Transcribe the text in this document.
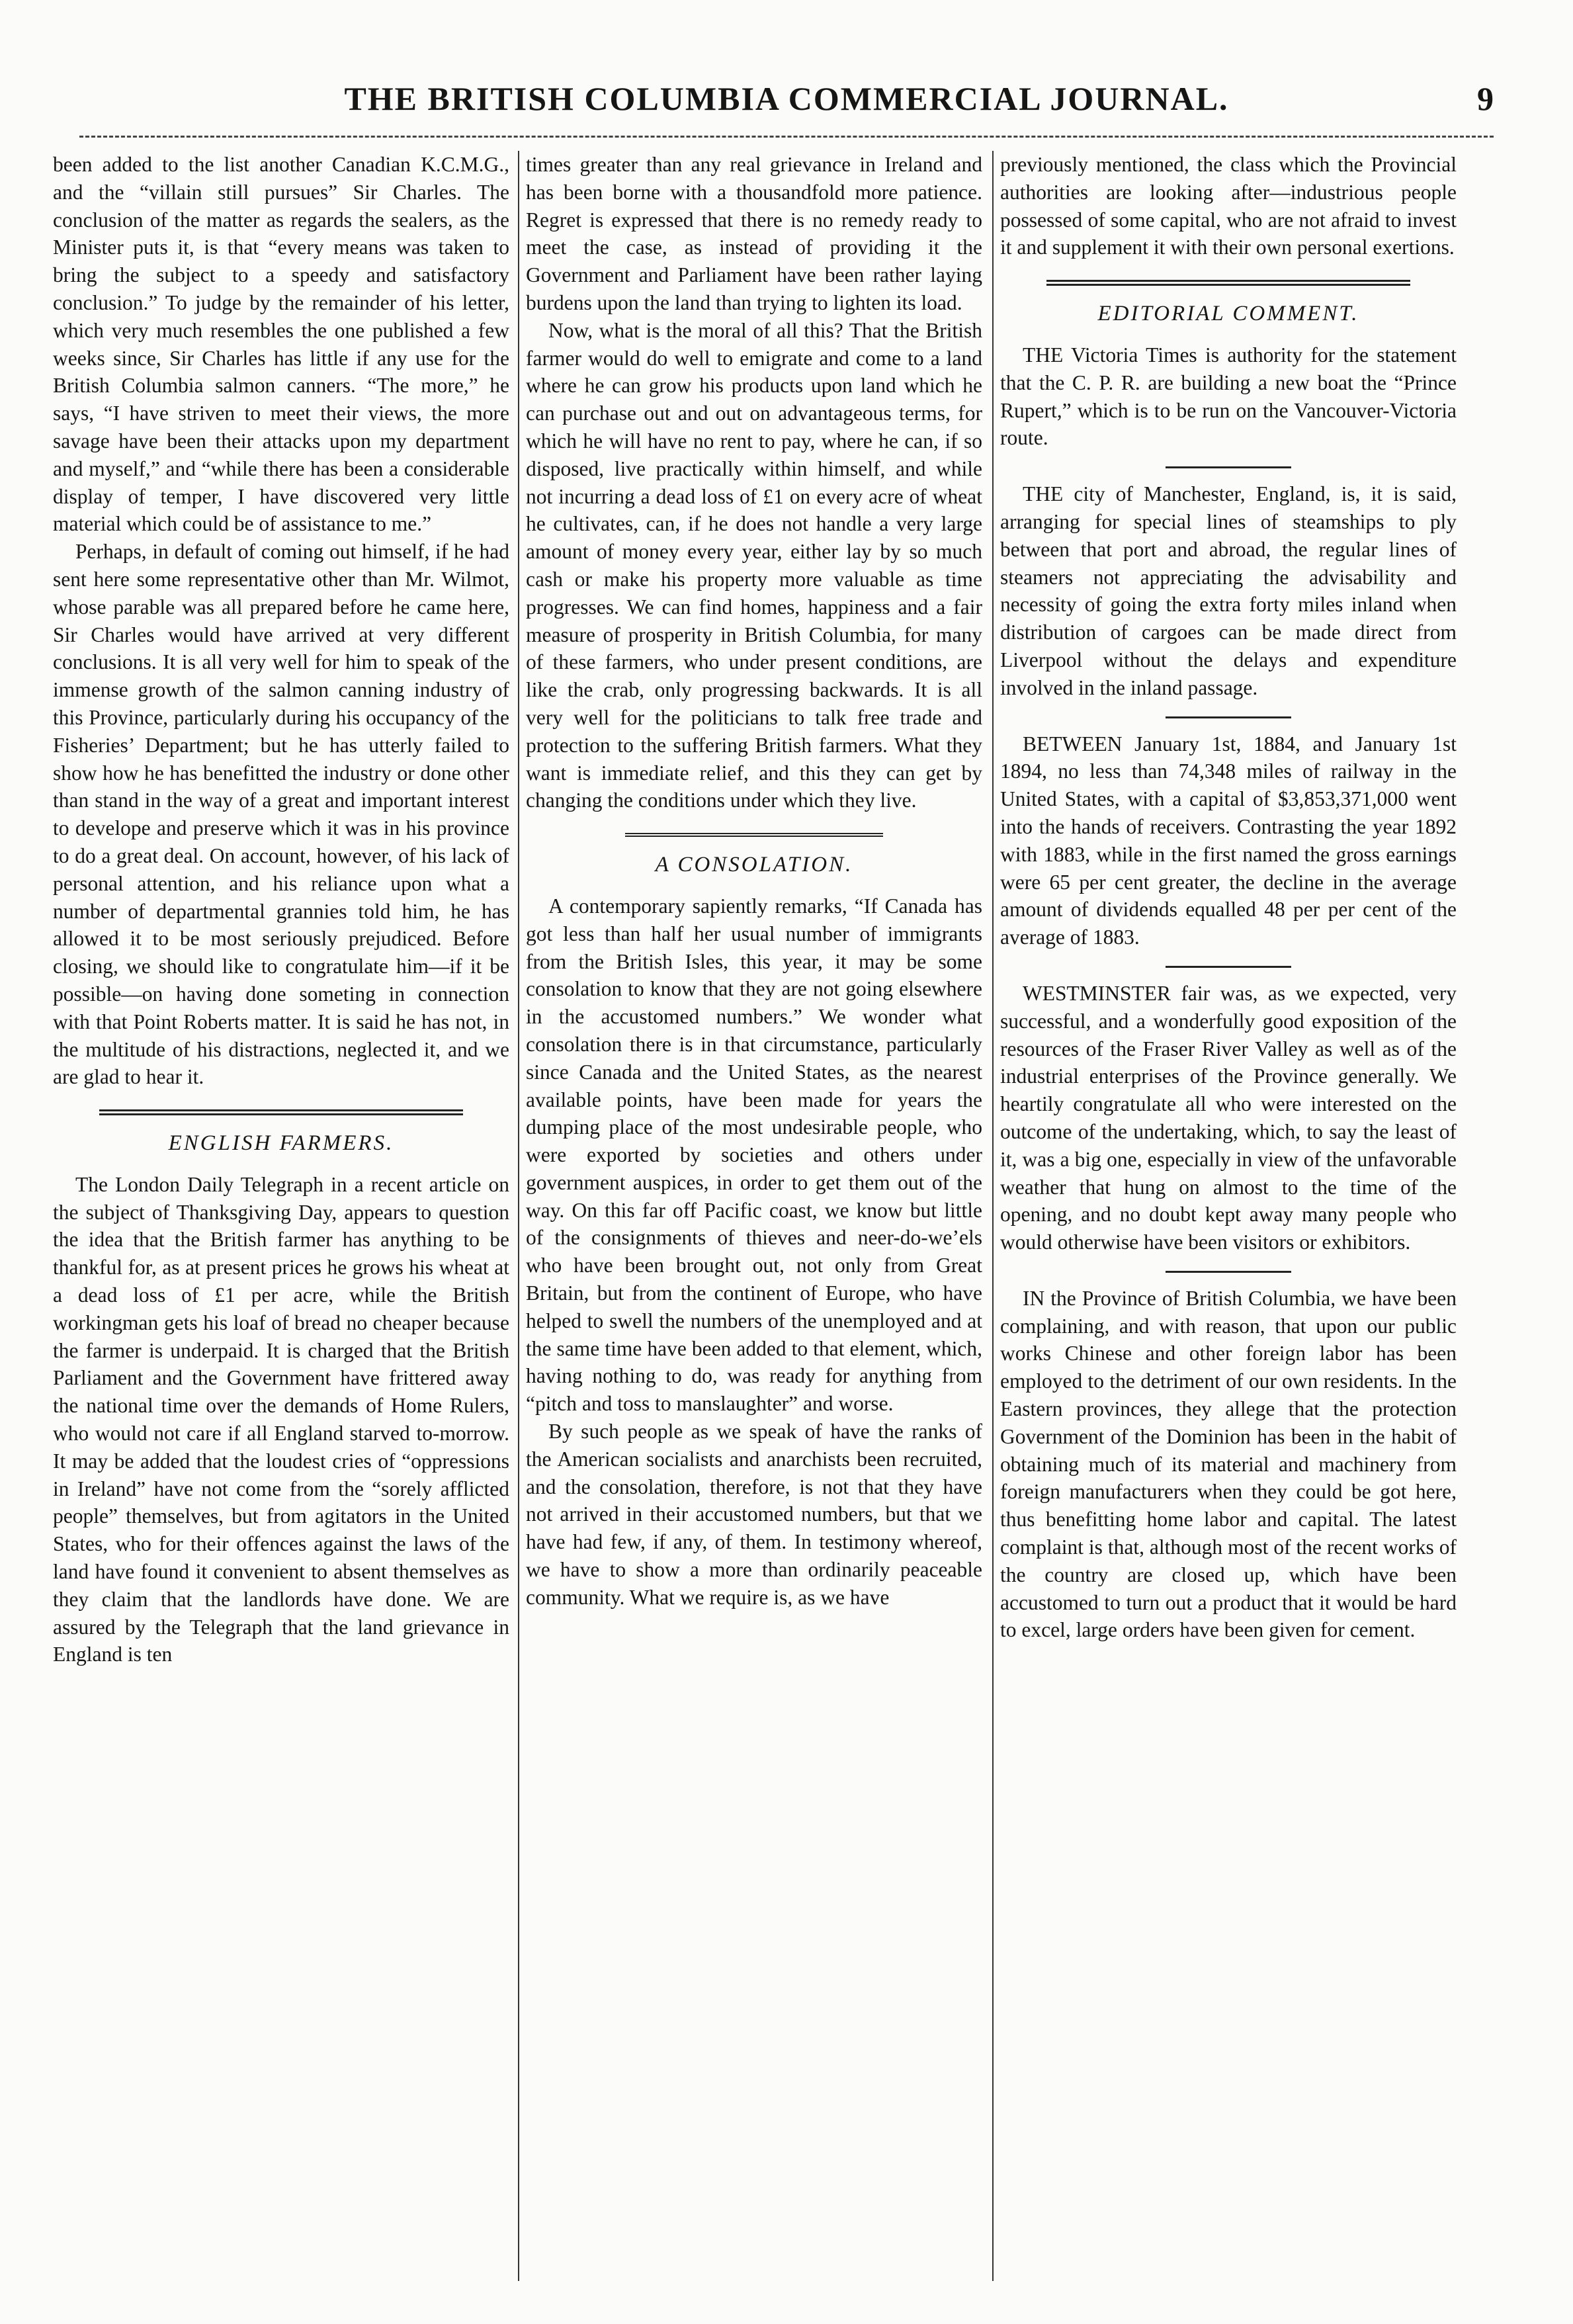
THE BRITISH COLUMBIA COMMERCIAL JOURNAL.	9

been added to the list another Canadian K.C.M.G., and the “villain still pursues” Sir Charles. The conclusion of the matter as regards the sealers, as the Minister puts it, is that “every means was taken to bring the subject to a speedy and satisfactory conclusion.” To judge by the remainder of his letter, which very much resembles the one published a few weeks since, Sir Charles has little if any use for the British Columbia salmon canners. “The more,” he says, “I have striven to meet their views, the more savage have been their attacks upon my department and myself,” and “while there has been a considerable display of temper, I have discovered very little material which could be of assistance to me.”

Perhaps, in default of coming out himself, if he had sent here some representative other than Mr. Wilmot, whose parable was all prepared before he came here, Sir Charles would have arrived at very different conclusions. It is all very well for him to speak of the immense growth of the salmon canning industry of this Province, particularly during his occupancy of the Fisheries’ Department; but he has utterly failed to show how he has benefitted the industry or done other than stand in the way of a great and important interest to develope and preserve which it was in his province to do a great deal. On account, however, of his lack of personal attention, and his reliance upon what a number of departmental grannies told him, he has allowed it to be most seriously prejudiced. Before closing, we should like to congratulate him—if it be possible—on having done someting in connection with that Point Roberts matter. It is said he has not, in the multitude of his distractions, neglected it, and we are glad to hear it.

ENGLISH FARMERS.

The London Daily Telegraph in a recent article on the subject of Thanksgiving Day, appears to question the idea that the British farmer has anything to be thankful for, as at present prices he grows his wheat at a dead loss of £1 per acre, while the British workingman gets his loaf of bread no cheaper because the farmer is underpaid. It is charged that the British Parliament and the Government have frittered away the national time over the demands of Home Rulers, who would not care if all England starved to-morrow. It may be added that the loudest cries of “oppressions in Ireland” have not come from the “sorely afflicted people” themselves, but from agitators in the United States, who for their offences against the laws of the land have found it convenient to absent themselves as they claim that the landlords have done. We are assured by the Telegraph that the land grievance in England is ten

times greater than any real grievance in Ireland and has been borne with a thousandfold more patience. Regret is expressed that there is no remedy ready to meet the case, as instead of providing it the Government and Parliament have been rather laying burdens upon the land than trying to lighten its load.

Now, what is the moral of all this? That the British farmer would do well to emigrate and come to a land where he can grow his products upon land which he can purchase out and out on advantageous terms, for which he will have no rent to pay, where he can, if so disposed, live practically within himself, and while not incurring a dead loss of £1 on every acre of wheat he cultivates, can, if he does not handle a very large amount of money every year, either lay by so much cash or make his property more valuable as time progresses. We can find homes, happiness and a fair measure of prosperity in British Columbia, for many of these farmers, who under present conditions, are like the crab, only progressing backwards. It is all very well for the politicians to talk free trade and protection to the suffering British farmers. What they want is immediate relief, and this they can get by changing the conditions under which they live.

A CONSOLATION.

A contemporary sapiently remarks, “If Canada has got less than half her usual number of immigrants from the British Isles, this year, it may be some consolation to know that they are not going elsewhere in the accustomed numbers.” We wonder what consolation there is in that circumstance, particularly since Canada and the United States, as the nearest available points, have been made for years the dumping place of the most undesirable people, who were exported by societies and others under government auspices, in order to get them out of the way. On this far off Pacific coast, we know but little of the consignments of thieves and neer-do-we’els who have been brought out, not only from Great Britain, but from the continent of Europe, who have helped to swell the numbers of the unemployed and at the same time have been added to that element, which, having nothing to do, was ready for anything from “pitch and toss to manslaughter” and worse.

By such people as we speak of have the ranks of the American socialists and anarchists been recruited, and the consolation, therefore, is not that they have not arrived in their accustomed numbers, but that we have had few, if any, of them. In testimony whereof, we have to show a more than ordinarily peaceable community. What we require is, as we have

previously mentioned, the class which the Provincial authorities are looking after—industrious people possessed of some capital, who are not afraid to invest it and supplement it with their own personal exertions.

EDITORIAL COMMENT.

THE Victoria Times is authority for the statement that the C. P. R. are building a new boat the “Prince Rupert,” which is to be run on the Vancouver-Victoria route.

THE city of Manchester, England, is, it is said, arranging for special lines of steamships to ply between that port and abroad, the regular lines of steamers not appreciating the advisability and necessity of going the extra forty miles inland when distribution of cargoes can be made direct from Liverpool without the delays and expenditure involved in the inland passage.

BETWEEN January 1st, 1884, and January 1st 1894, no less than 74,348 miles of railway in the United States, with a capital of $3,853,371,000 went into the hands of receivers. Contrasting the year 1892 with 1883, while in the first named the gross earnings were 65 per cent greater, the decline in the average amount of dividends equalled 48 per per cent of the average of 1883.

WESTMINSTER fair was, as we expected, very successful, and a wonderfully good exposition of the resources of the Fraser River Valley as well as of the industrial enterprises of the Province generally. We heartily congratulate all who were interested on the outcome of the undertaking, which, to say the least of it, was a big one, especially in view of the unfavorable weather that hung on almost to the time of the opening, and no doubt kept away many people who would otherwise have been visitors or exhibitors.

IN the Province of British Columbia, we have been complaining, and with reason, that upon our public works Chinese and other foreign labor has been employed to the detriment of our own residents. In the Eastern provinces, they allege that the protection Government of the Dominion has been in the habit of obtaining much of its material and machinery from foreign manufacturers when they could be got here, thus benefitting home labor and capital. The latest complaint is that, although most of the recent works of the country are closed up, which have been accustomed to turn out a product that it would be hard to excel, large orders have been given for cement.
